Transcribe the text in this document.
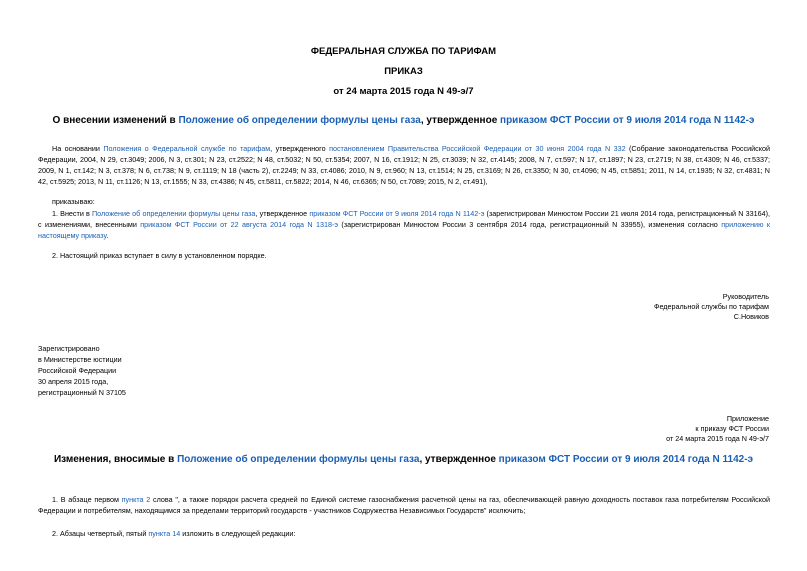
ФЕДЕРАЛЬНАЯ СЛУЖБА ПО ТАРИФАМ
ПРИКАЗ
от 24 марта 2015 года N 49-э/7
О внесении изменений в Положение об определении формулы цены газа, утвержденное приказом ФСТ России от 9 июля 2014 года N 1142-э
На основании Положения о Федеральной службе по тарифам, утвержденного постановлением Правительства Российской Федерации от 30 июня 2004 года N 332 (Собрание законодательства Российской Федерации, 2004, N 29, ст.3049; 2006, N 3, ст.301; N 23, ст.2522; N 48, ст.5032; N 50, ст.5354; 2007, N 16, ст.1912; N 25, ст.3039; N 32, ст.4145; 2008, N 7, ст.597; N 17, ст.1897; N 23, ст.2719; N 38, ст.4309; N 46, ст.5337; 2009, N 1, ст.142; N 3, ст.378; N 6, ст.738; N 9, ст.1119; N 18 (часть 2), ст.2249; N 33, ст.4086; 2010, N 9, ст.960; N 13, ст.1514; N 25, ст.3169; N 26, ст.3350; N 30, ст.4096; N 45, ст.5851; 2011, N 14, ст.1935; N 32, ст.4831; N 42, ст.5925; 2013, N 11, ст.1126; N 13, ст.1555; N 33, ст.4386; N 45, ст.5811, ст.5822; 2014, N 46, ст.6365; N 50, ст.7089; 2015, N 2, ст.491),
приказываю:
1. Внести в Положение об определении формулы цены газа, утвержденное приказом ФСТ России от 9 июля 2014 года N 1142-э (зарегистрирован Минюстом России 21 июля 2014 года, регистрационный N 33164), с изменениями, внесенными приказом ФСТ России от 22 августа 2014 года N 1318-э (зарегистрирован Минюстом России 3 сентября 2014 года, регистрационный N 33955), изменения согласно приложению к настоящему приказу.
2. Настоящий приказ вступает в силу в установленном порядке.
Руководитель
Федеральной службы по тарифам
С.Новиков
Зарегистрировано
в Министерстве юстиции
Российской Федерации
30 апреля 2015 года,
регистрационный N 37105
Приложение
к приказу ФСТ России
от 24 марта 2015 года N 49-э/7
Изменения, вносимые в Положение об определении формулы цены газа, утвержденное приказом ФСТ России от 9 июля 2014 года N 1142-э
1. В абзаце первом пункта 2 слова ", а также порядок расчета средней по Единой системе газоснабжения расчетной цены на газ, обеспечивающей равную доходность поставок газа потребителям Российской Федерации и потребителям, находящимся за пределами территорий государств - участников Содружества Независимых Государств" исключить;
2. Абзацы четвертый, пятый пункта 14 изложить в следующей редакции:
